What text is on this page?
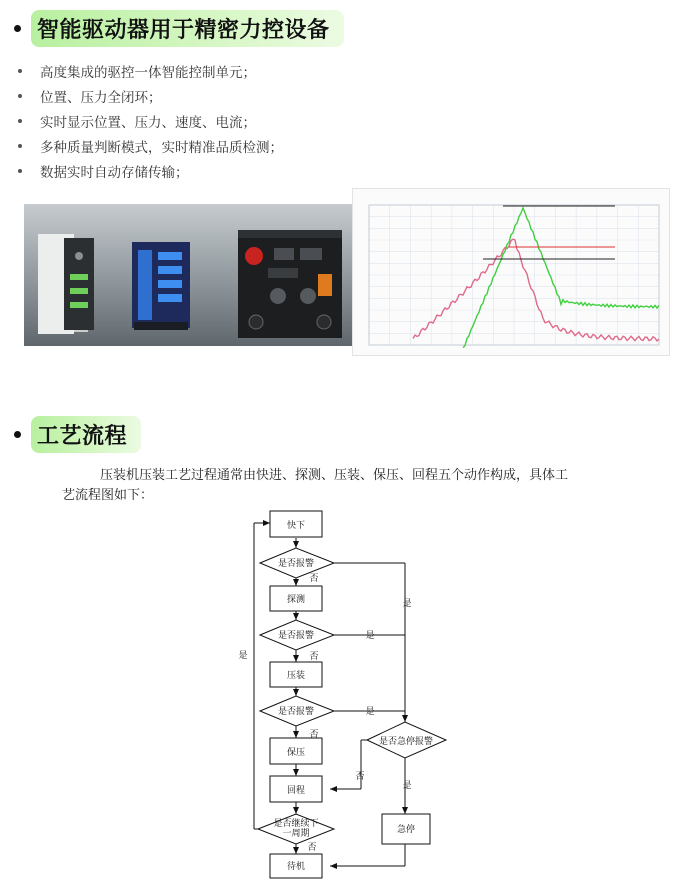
智能驱动器用于精密力控设备
高度集成的驱控一体智能控制单元；
位置、压力全闭环；
实时显示位置、压力、速度、电流；
多种质量判断模式，实时精准品质检测；
数据实时自动存储传输；
工艺流程
压装机压装工艺过程通常由快进、探测、压装、保压、回程五个动作构成，具体工
艺流程图如下：
快下
是否报警
探测
是否报警
压装
是否报警
保压
回程
是否继续下
一周期
待机
是否急停报警
急停
否
否
否
否
否
是
是
是
是
是
